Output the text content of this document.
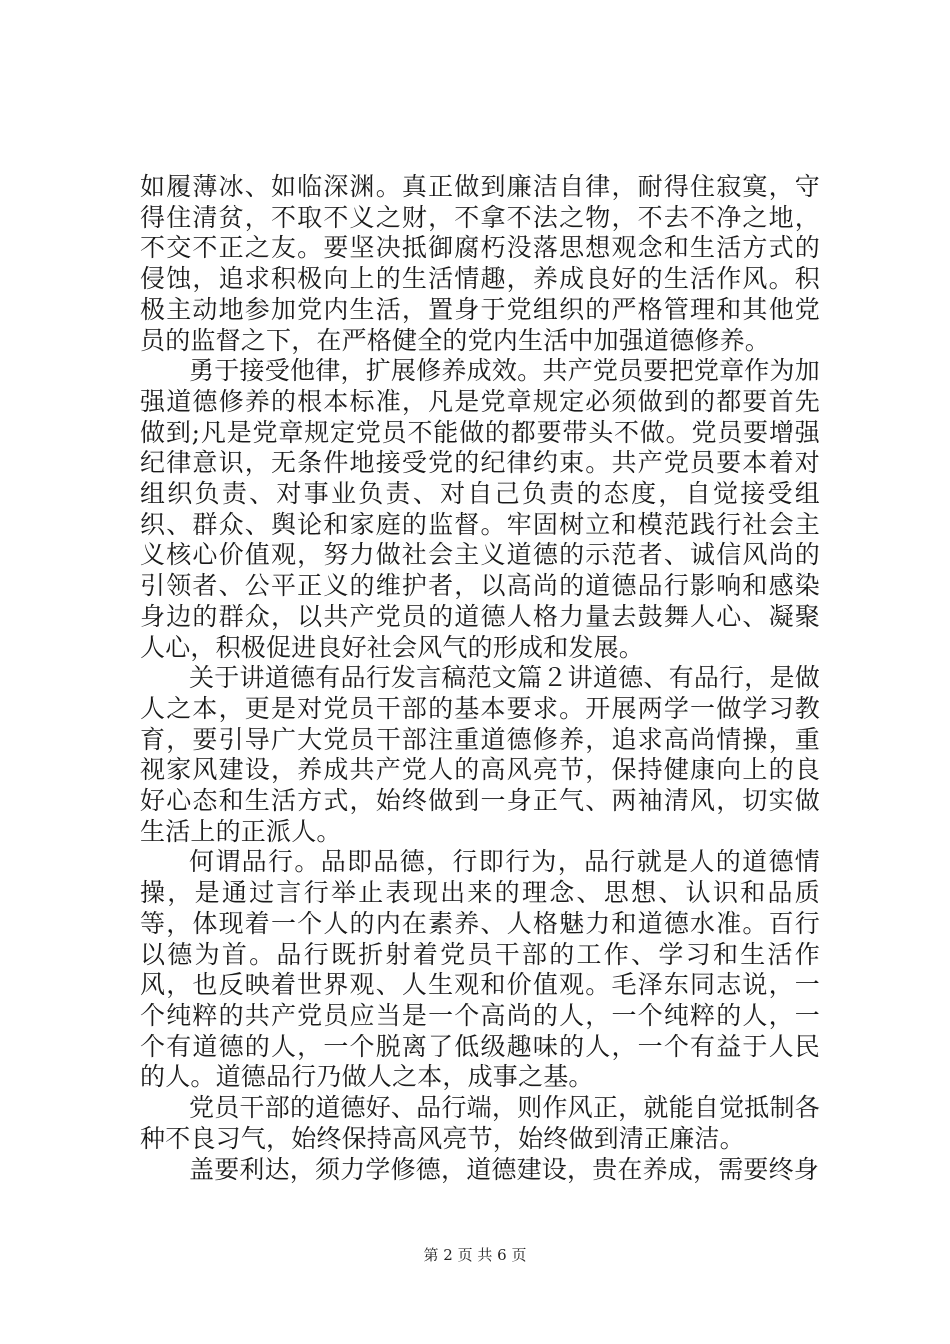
如履薄冰、如临深渊。真正做到廉洁自律，耐得住寂寞，守得住清贫，不取不义之财，不拿不法之物，不去不净之地，不交不正之友。要坚决抵御腐朽没落思想观念和生活方式的侵蚀，追求积极向上的生活情趣，养成良好的生活作风。积极主动地参加党内生活，置身于党组织的严格管理和其他党员的监督之下，在严格健全的党内生活中加强道德修养。

勇于接受他律，扩展修养成效。共产党员要把党章作为加强道德修养的根本标准，凡是党章规定必须做到的都要首先做到;凡是党章规定党员不能做的都要带头不做。党员要增强纪律意识，无条件地接受党的纪律约束。共产党员要本着对组织负责、对事业负责、对自己负责的态度，自觉接受组织、群众、舆论和家庭的监督。牢固树立和模范践行社会主义核心价值观，努力做社会主义道德的示范者、诚信风尚的引领者、公平正义的维护者，以高尚的道德品行影响和感染身边的群众，以共产党员的道德人格力量去鼓舞人心、凝聚人心，积极促进良好社会风气的形成和发展。

关于讲道德有品行发言稿范文篇２讲道德、有品行，是做人之本，更是对党员干部的基本要求。开展两学一做学习教育，要引导广大党员干部注重道德修养，追求高尚情操，重视家风建设，养成共产党人的高风亮节，保持健康向上的良好心态和生活方式，始终做到一身正气、两袖清风，切实做生活上的正派人。

何谓品行。品即品德，行即行为，品行就是人的道德情操，是通过言行举止表现出来的理念、思想、认识和品质等，体现着一个人的内在素养、人格魅力和道德水准。百行以德为首。品行既折射着党员干部的工作、学习和生活作风，也反映着世界观、人生观和价值观。毛泽东同志说，一个纯粹的共产党员应当是一个高尚的人，一个纯粹的人，一个有道德的人，一个脱离了低级趣味的人，一个有益于人民的人。道德品行乃做人之本，成事之基。

党员干部的道德好、品行端，则作风正，就能自觉抵制各种不良习气，始终保持高风亮节，始终做到清正廉洁。

盖要利达，须力学修德，道德建设，贵在养成，需要终身

第 2 页 共 6 页
